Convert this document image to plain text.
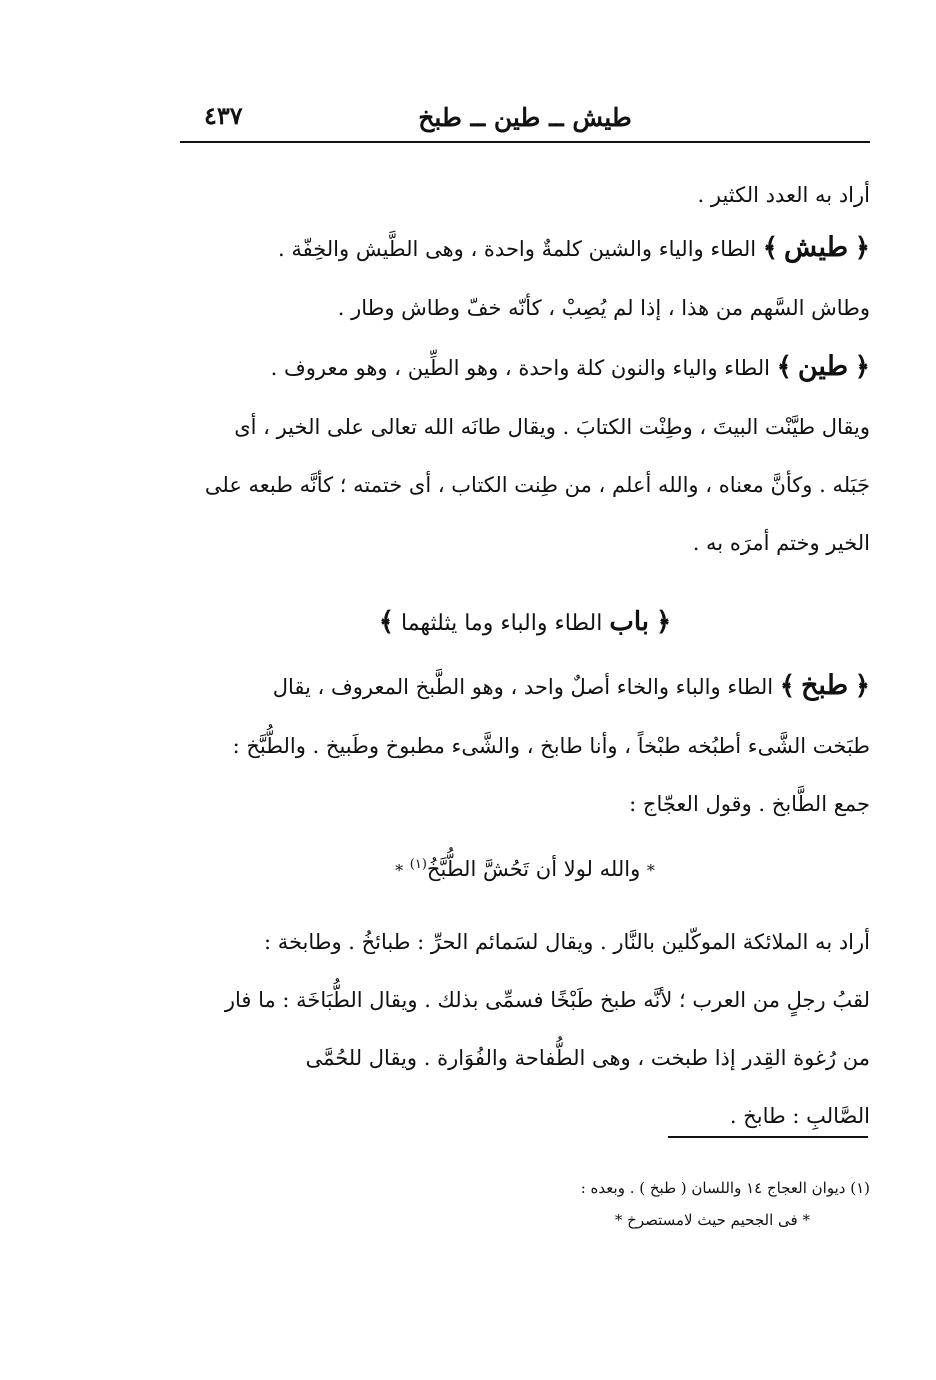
طيش ــ طين ــ طبخ
٤٣٧

أراد به العدد الكثير .

﴿ طيش﴾ الطاء والياء والشين كلمةٌ واحدة ، وهى الطَّيش والخِفّة .

وطاش السَّهم من هذا ، إذا لم يُصِبْ ، كأنّه خفّ وطاش وطار .

﴿ طين﴾ الطاء والياء والنون كلة واحدة ، وهو الطِّين ، وهو معروف .

ويقال طيَّنْت البيتَ ، وطِنْت الكتابَ . ويقال طانَه الله تعالى على الخير ، أى

جَبَله . وكأنَّ معناه ، والله أعلم ، من طِنت الكتاب ، أى ختمته ؛ كأنَّه طبعه على

الخير وختم أمرَه به .

﴿ باب الطاء والباء وما يثلثهما ﴾

﴿ طبخ﴾ الطاء والباء والخاء أصلٌ واحد ، وهو الطَّبخ المعروف ، يقال

طبَخت الشَّىء أطبُخه طبْخاً ، وأنا طابخ ، والشَّىء مطبوخ وطَبيخ . والطُّبَّخ :

جمع الطَّابخ . وقول العجّاج :

* والله لولا أن تَحُشَّ الطُّبَّخُ$^{(١)}$ *

أراد به الملائكة الموكّلين بالنَّار . ويقال لسَمائم الحرِّ : طبائخُ . وطابخة :

لقبُ رجلٍ من العرب ؛ لأنَّه طبخ طَبْخًا فسمِّى بذلك . ويقال الطُّبَاخَة : ما فار

من رُغوة القِدر إذا طبخت ، وهى الطُّفاحة والفُوَارة . ويقال للحُمَّى

الصَّالبِ : طابخ .

(١) ديوان العجاج ١٤ واللسان ( طبخ ) . وبعده :

* فى الجحيم حيث لامستصرخ *
